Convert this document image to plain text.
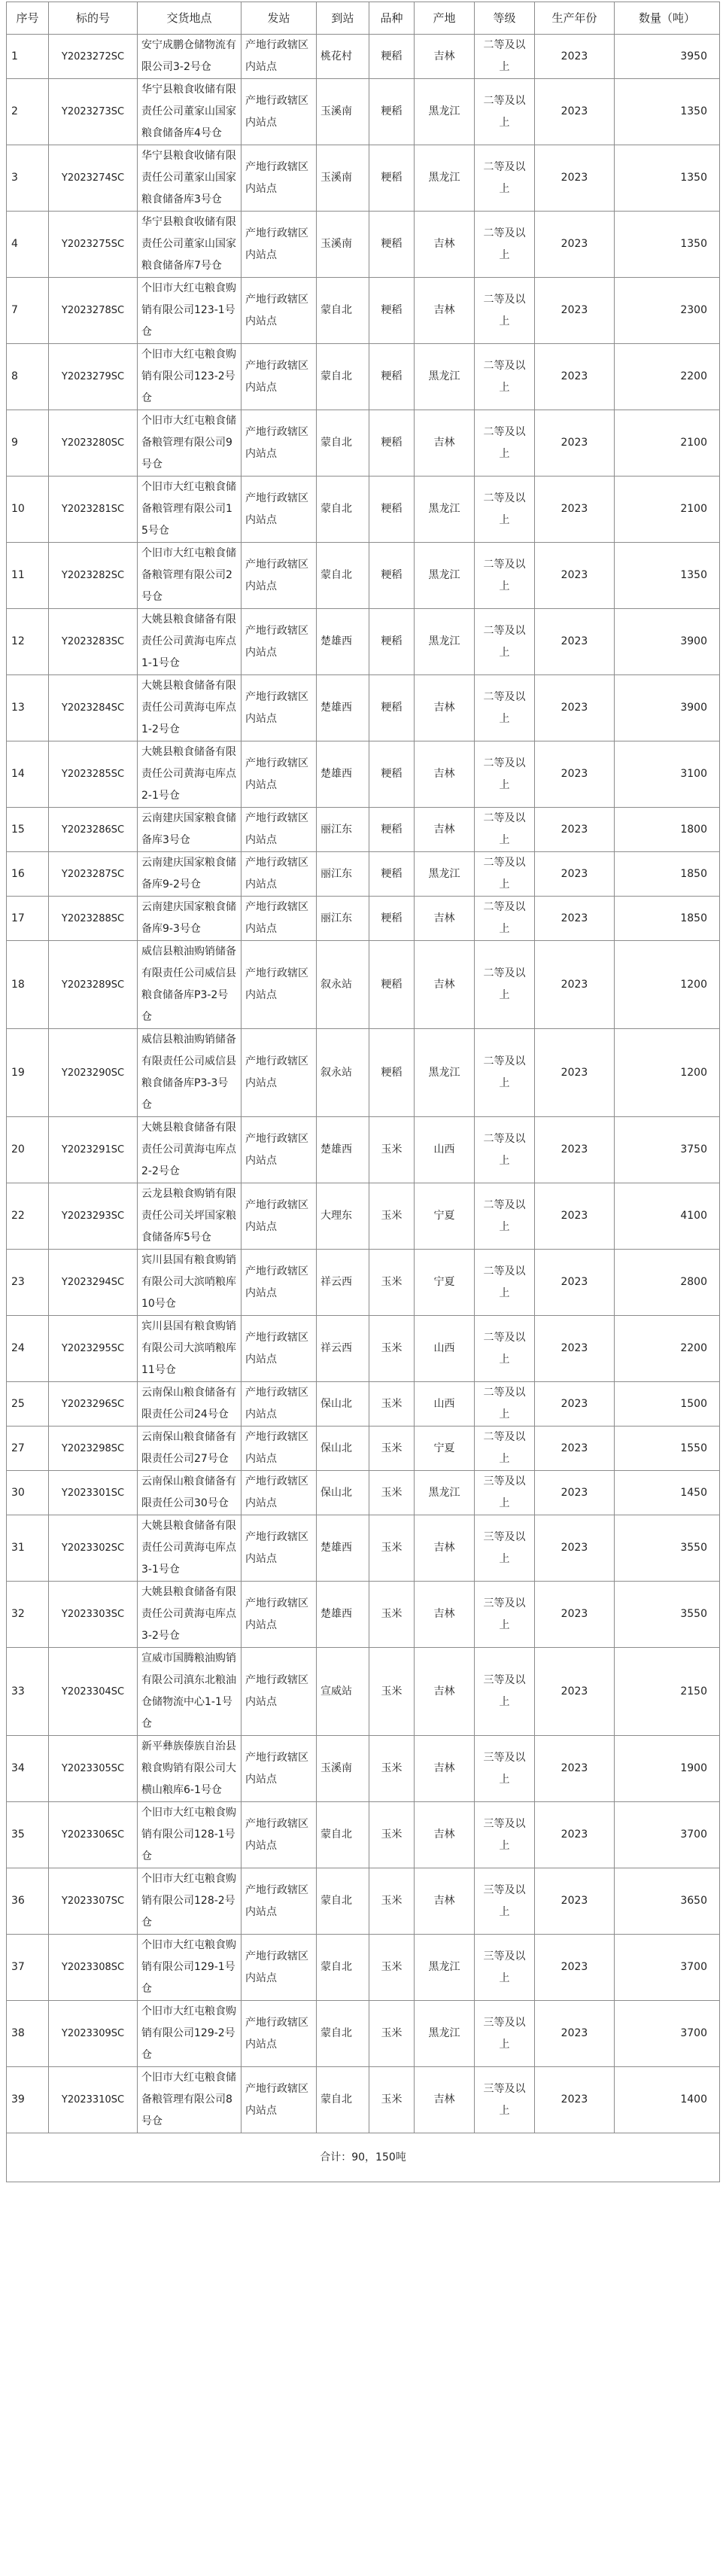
序号	标的号	交货地点	发站	到站	品种	产地	等级	生产年份	数量（吨）
1	Y2023272SC	安宁成鹏仓储物流有限公司3-2号仓	产地行政辖区内站点	桃花村	粳稻	吉林	二等及以上	2023	3950
2	Y2023273SC	华宁县粮食收储有限责任公司董家山国家粮食储备库4号仓	产地行政辖区内站点	玉溪南	粳稻	黑龙江	二等及以上	2023	1350
3	Y2023274SC	华宁县粮食收储有限责任公司董家山国家粮食储备库3号仓	产地行政辖区内站点	玉溪南	粳稻	黑龙江	二等及以上	2023	1350
4	Y2023275SC	华宁县粮食收储有限责任公司董家山国家粮食储备库7号仓	产地行政辖区内站点	玉溪南	粳稻	吉林	二等及以上	2023	1350
7	Y2023278SC	个旧市大红屯粮食购销有限公司123-1号仓	产地行政辖区内站点	蒙自北	粳稻	吉林	二等及以上	2023	2300
8	Y2023279SC	个旧市大红屯粮食购销有限公司123-2号仓	产地行政辖区内站点	蒙自北	粳稻	黑龙江	二等及以上	2023	2200
9	Y2023280SC	个旧市大红屯粮食储备粮管理有限公司9号仓	产地行政辖区内站点	蒙自北	粳稻	吉林	二等及以上	2023	2100
10	Y2023281SC	个旧市大红屯粮食储备粮管理有限公司15号仓	产地行政辖区内站点	蒙自北	粳稻	黑龙江	二等及以上	2023	2100
11	Y2023282SC	个旧市大红屯粮食储备粮管理有限公司2号仓	产地行政辖区内站点	蒙自北	粳稻	黑龙江	二等及以上	2023	1350
12	Y2023283SC	大姚县粮食储备有限责任公司黄海屯库点1-1号仓	产地行政辖区内站点	楚雄西	粳稻	黑龙江	二等及以上	2023	3900
13	Y2023284SC	大姚县粮食储备有限责任公司黄海屯库点1-2号仓	产地行政辖区内站点	楚雄西	粳稻	吉林	二等及以上	2023	3900
14	Y2023285SC	大姚县粮食储备有限责任公司黄海屯库点2-1号仓	产地行政辖区内站点	楚雄西	粳稻	吉林	二等及以上	2023	3100
15	Y2023286SC	云南建庆国家粮食储备库3号仓	产地行政辖区内站点	丽江东	粳稻	吉林	二等及以上	2023	1800
16	Y2023287SC	云南建庆国家粮食储备库9-2号仓	产地行政辖区内站点	丽江东	粳稻	黑龙江	二等及以上	2023	1850
17	Y2023288SC	云南建庆国家粮食储备库9-3号仓	产地行政辖区内站点	丽江东	粳稻	吉林	二等及以上	2023	1850
18	Y2023289SC	威信县粮油购销储备有限责任公司威信县粮食储备库P3-2号仓	产地行政辖区内站点	叙永站	粳稻	吉林	二等及以上	2023	1200
19	Y2023290SC	威信县粮油购销储备有限责任公司威信县粮食储备库P3-3号仓	产地行政辖区内站点	叙永站	粳稻	黑龙江	二等及以上	2023	1200
20	Y2023291SC	大姚县粮食储备有限责任公司黄海屯库点2-2号仓	产地行政辖区内站点	楚雄西	玉米	山西	二等及以上	2023	3750
22	Y2023293SC	云龙县粮食购销有限责任公司关坪国家粮食储备库5号仓	产地行政辖区内站点	大理东	玉米	宁夏	二等及以上	2023	4100
23	Y2023294SC	宾川县国有粮食购销有限公司大滨哨粮库10号仓	产地行政辖区内站点	祥云西	玉米	宁夏	二等及以上	2023	2800
24	Y2023295SC	宾川县国有粮食购销有限公司大滨哨粮库11号仓	产地行政辖区内站点	祥云西	玉米	山西	二等及以上	2023	2200
25	Y2023296SC	云南保山粮食储备有限责任公司24号仓	产地行政辖区内站点	保山北	玉米	山西	二等及以上	2023	1500
27	Y2023298SC	云南保山粮食储备有限责任公司27号仓	产地行政辖区内站点	保山北	玉米	宁夏	二等及以上	2023	1550
30	Y2023301SC	云南保山粮食储备有限责任公司30号仓	产地行政辖区内站点	保山北	玉米	黑龙江	三等及以上	2023	1450
31	Y2023302SC	大姚县粮食储备有限责任公司黄海屯库点3-1号仓	产地行政辖区内站点	楚雄西	玉米	吉林	三等及以上	2023	3550
32	Y2023303SC	大姚县粮食储备有限责任公司黄海屯库点3-2号仓	产地行政辖区内站点	楚雄西	玉米	吉林	三等及以上	2023	3550
33	Y2023304SC	宣威市国腾粮油购销有限公司滇东北粮油仓储物流中心1-1号仓	产地行政辖区内站点	宣威站	玉米	吉林	三等及以上	2023	2150
34	Y2023305SC	新平彝族傣族自治县粮食购销有限公司大横山粮库6-1号仓	产地行政辖区内站点	玉溪南	玉米	吉林	三等及以上	2023	1900
35	Y2023306SC	个旧市大红屯粮食购销有限公司128-1号仓	产地行政辖区内站点	蒙自北	玉米	吉林	三等及以上	2023	3700
36	Y2023307SC	个旧市大红屯粮食购销有限公司128-2号仓	产地行政辖区内站点	蒙自北	玉米	吉林	三等及以上	2023	3650
37	Y2023308SC	个旧市大红屯粮食购销有限公司129-1号仓	产地行政辖区内站点	蒙自北	玉米	黑龙江	三等及以上	2023	3700
38	Y2023309SC	个旧市大红屯粮食购销有限公司129-2号仓	产地行政辖区内站点	蒙自北	玉米	黑龙江	三等及以上	2023	3700
39	Y2023310SC	个旧市大红屯粮食储备粮管理有限公司8号仓	产地行政辖区内站点	蒙自北	玉米	吉林	三等及以上	2023	1400
合计：90，150吨									
